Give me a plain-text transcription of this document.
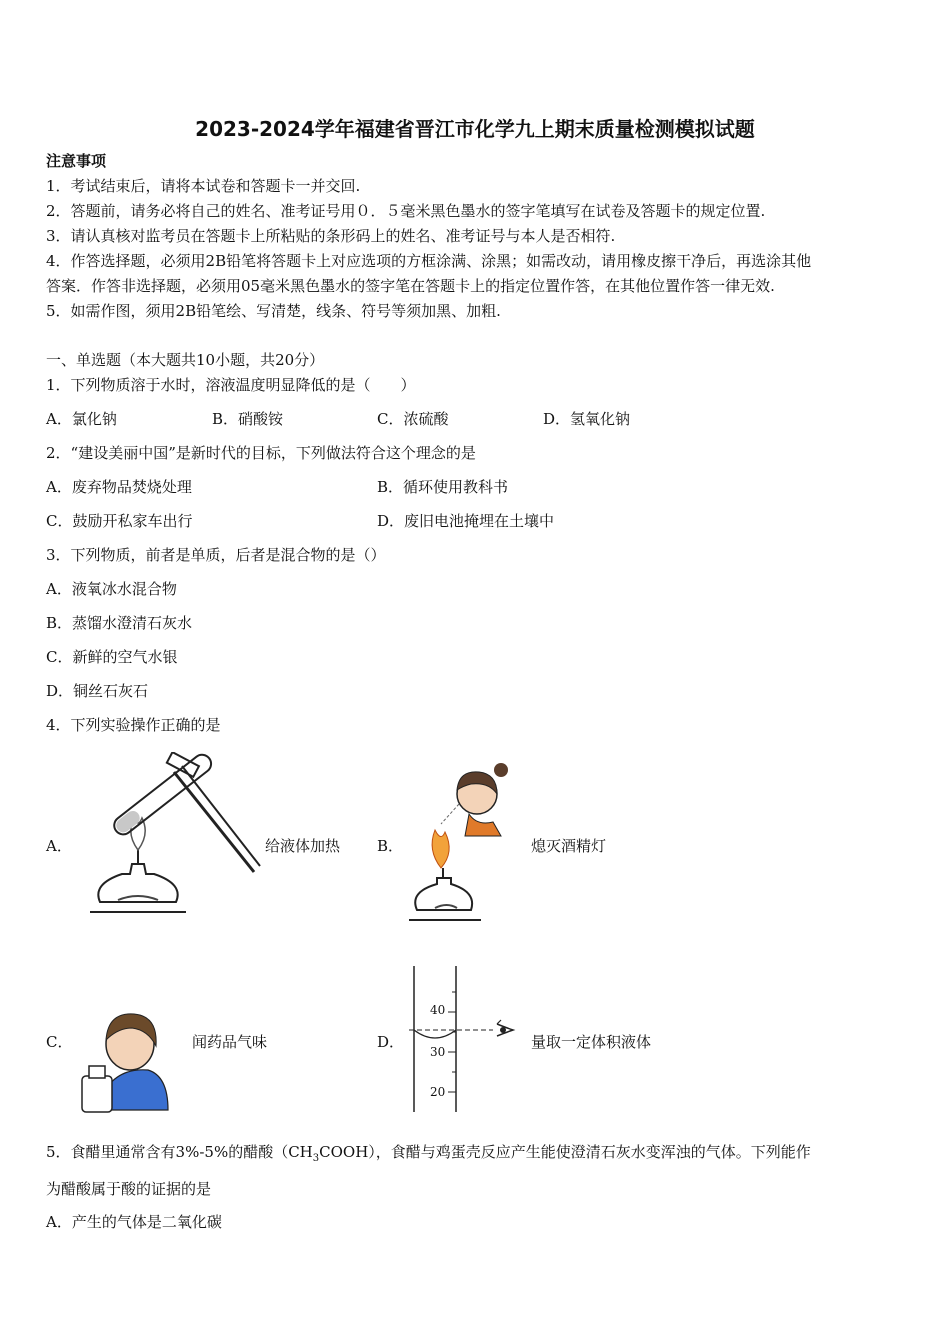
2023-2024学年福建省晋江市化学九上期末质量检测模拟试题
注意事项
1．考试结束后，请将本试卷和答题卡一并交回.
2．答题前，请务必将自己的姓名、准考证号用０．５毫米黑色墨水的签字笔填写在试卷及答题卡的规定位置.
3．请认真核对监考员在答题卡上所粘贴的条形码上的姓名、准考证号与本人是否相符.
4．作答选择题，必须用2B铅笔将答题卡上对应选项的方框涂满、涂黑；如需改动，请用橡皮擦干净后，再选涂其他
答案．作答非选择题，必须用05毫米黑色墨水的签字笔在答题卡上的指定位置作答，在其他位置作答一律无效.
5．如需作图，须用2B铅笔绘、写清楚，线条、符号等须加黑、加粗.
一、单选题（本大题共10小题，共20分）
1．下列物质溶于水时，溶液温度明显降低的是（　　）
A．氯化钠	B．硝酸铵	C．浓硫酸	D．氢氧化钠
2．“建设美丽中国”是新时代的目标，下列做法符合这个理念的是
A．废弃物品焚烧处理	B．循环使用教科书
C．鼓励开私家车出行	D．废旧电池掩埋在土壤中
3．下列物质，前者是单质，后者是混合物的是（）
A．液氧冰水混合物
B．蒸馏水澄清石灰水
C．新鲜的空气水银
D．铜丝石灰石
4．下列实验操作正确的是
A．	给液体加热 B．	熄灭酒精灯
C．	闻药品气味	D．
40
30
20
量取一定体积液体
5．食醋里通常含有3%-5%的醋酸$(CH_3COOH)$，食醋与鸡蛋壳反应产生能使澄清石灰水变浑浊的气体。下列能作
为醋酸属于酸的证据的是
A．产生的气体是二氧化碳
